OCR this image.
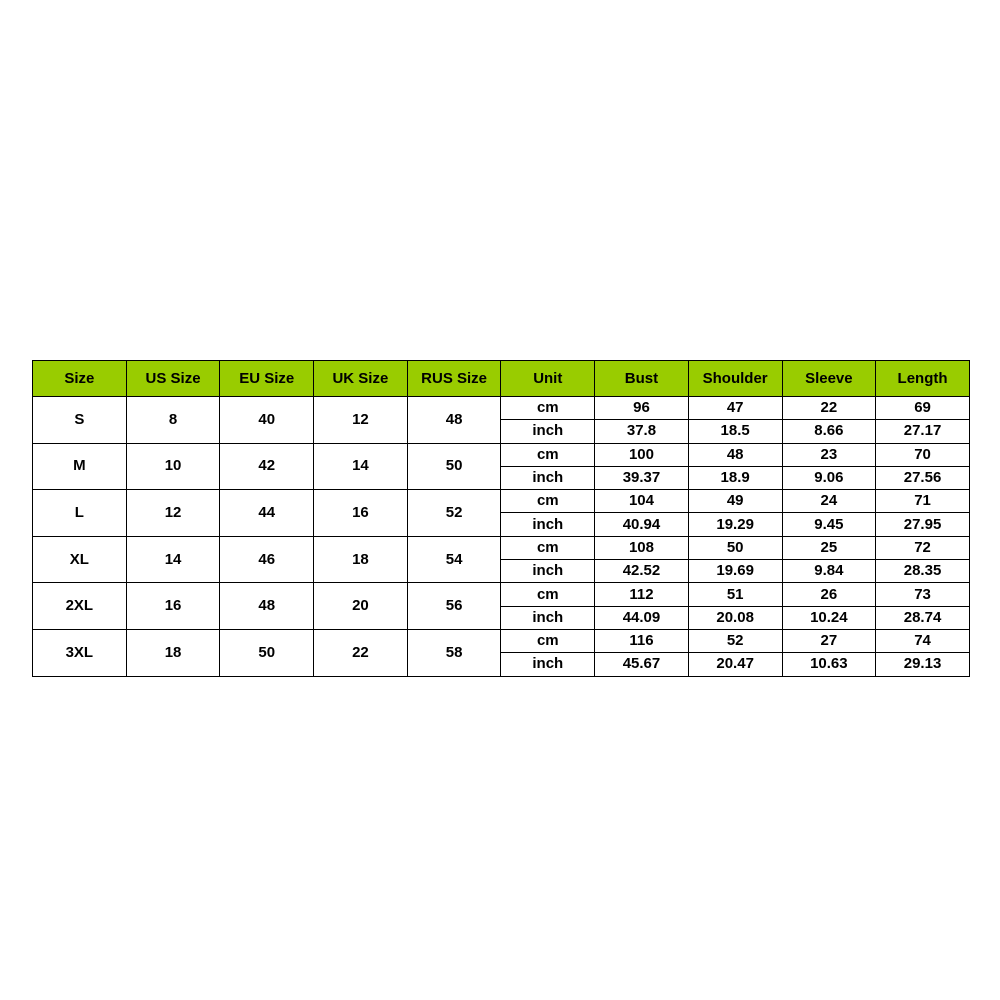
Size	US Size	EU Size	UK Size	RUS Size	Unit	Bust	Shoulder	Sleeve	Length
S	8	40	12	48	cm	96	47	22	69
					inch	37.8	18.5	8.66	27.17
M	10	42	14	50	cm	100	48	23	70
					inch	39.37	18.9	9.06	27.56
L	12	44	16	52	cm	104	49	24	71
					inch	40.94	19.29	9.45	27.95
XL	14	46	18	54	cm	108	50	25	72
					inch	42.52	19.69	9.84	28.35
2XL	16	48	20	56	cm	112	51	26	73
					inch	44.09	20.08	10.24	28.74
3XL	18	50	22	58	cm	116	52	27	74
					inch	45.67	20.47	10.63	29.13
